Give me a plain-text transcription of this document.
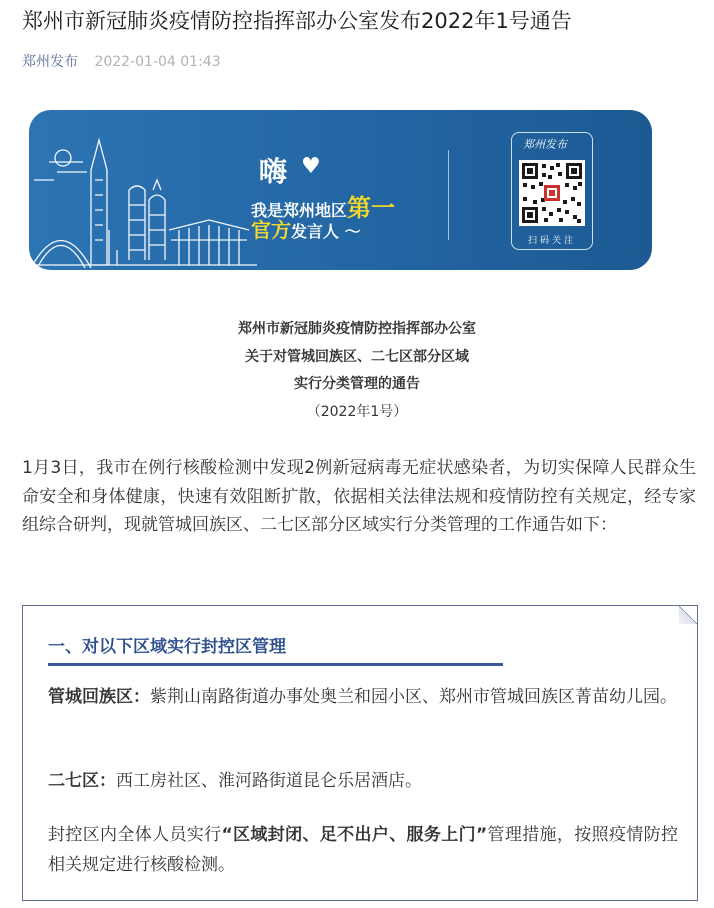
郑州市新冠肺炎疫情防控指挥部办公室发布2022年1号通告
郑州发布 2022-01-04 01:43
嗨 ♥
我是郑州地区第一
官方发言人 ～
郑州发布
扫码关注
郑州市新冠肺炎疫情防控指挥部办公室
关于对管城回族区、二七区部分区域
实行分类管理的通告
（2022年1号）

1月3日，我市在例行核酸检测中发现2例新冠病毒无症状感染者，为切实保障人民群众生命安全和身体健康，快速有效阻断扩散，依据相关法律法规和疫情防控有关规定，经专家组综合研判，现就管城回族区、二七区部分区域实行分类管理的工作通告如下：

一、对以下区域实行封控区管理

管城回族区：紫荆山南路街道办事处奥兰和园小区、郑州市管城回族区菁苗幼儿园。

二七区：西工房社区、淮河路街道昆仑乐居酒店。

封控区内全体人员实行“区域封闭、足不出户、服务上门”管理措施，按照疫情防控相关规定进行核酸检测。
